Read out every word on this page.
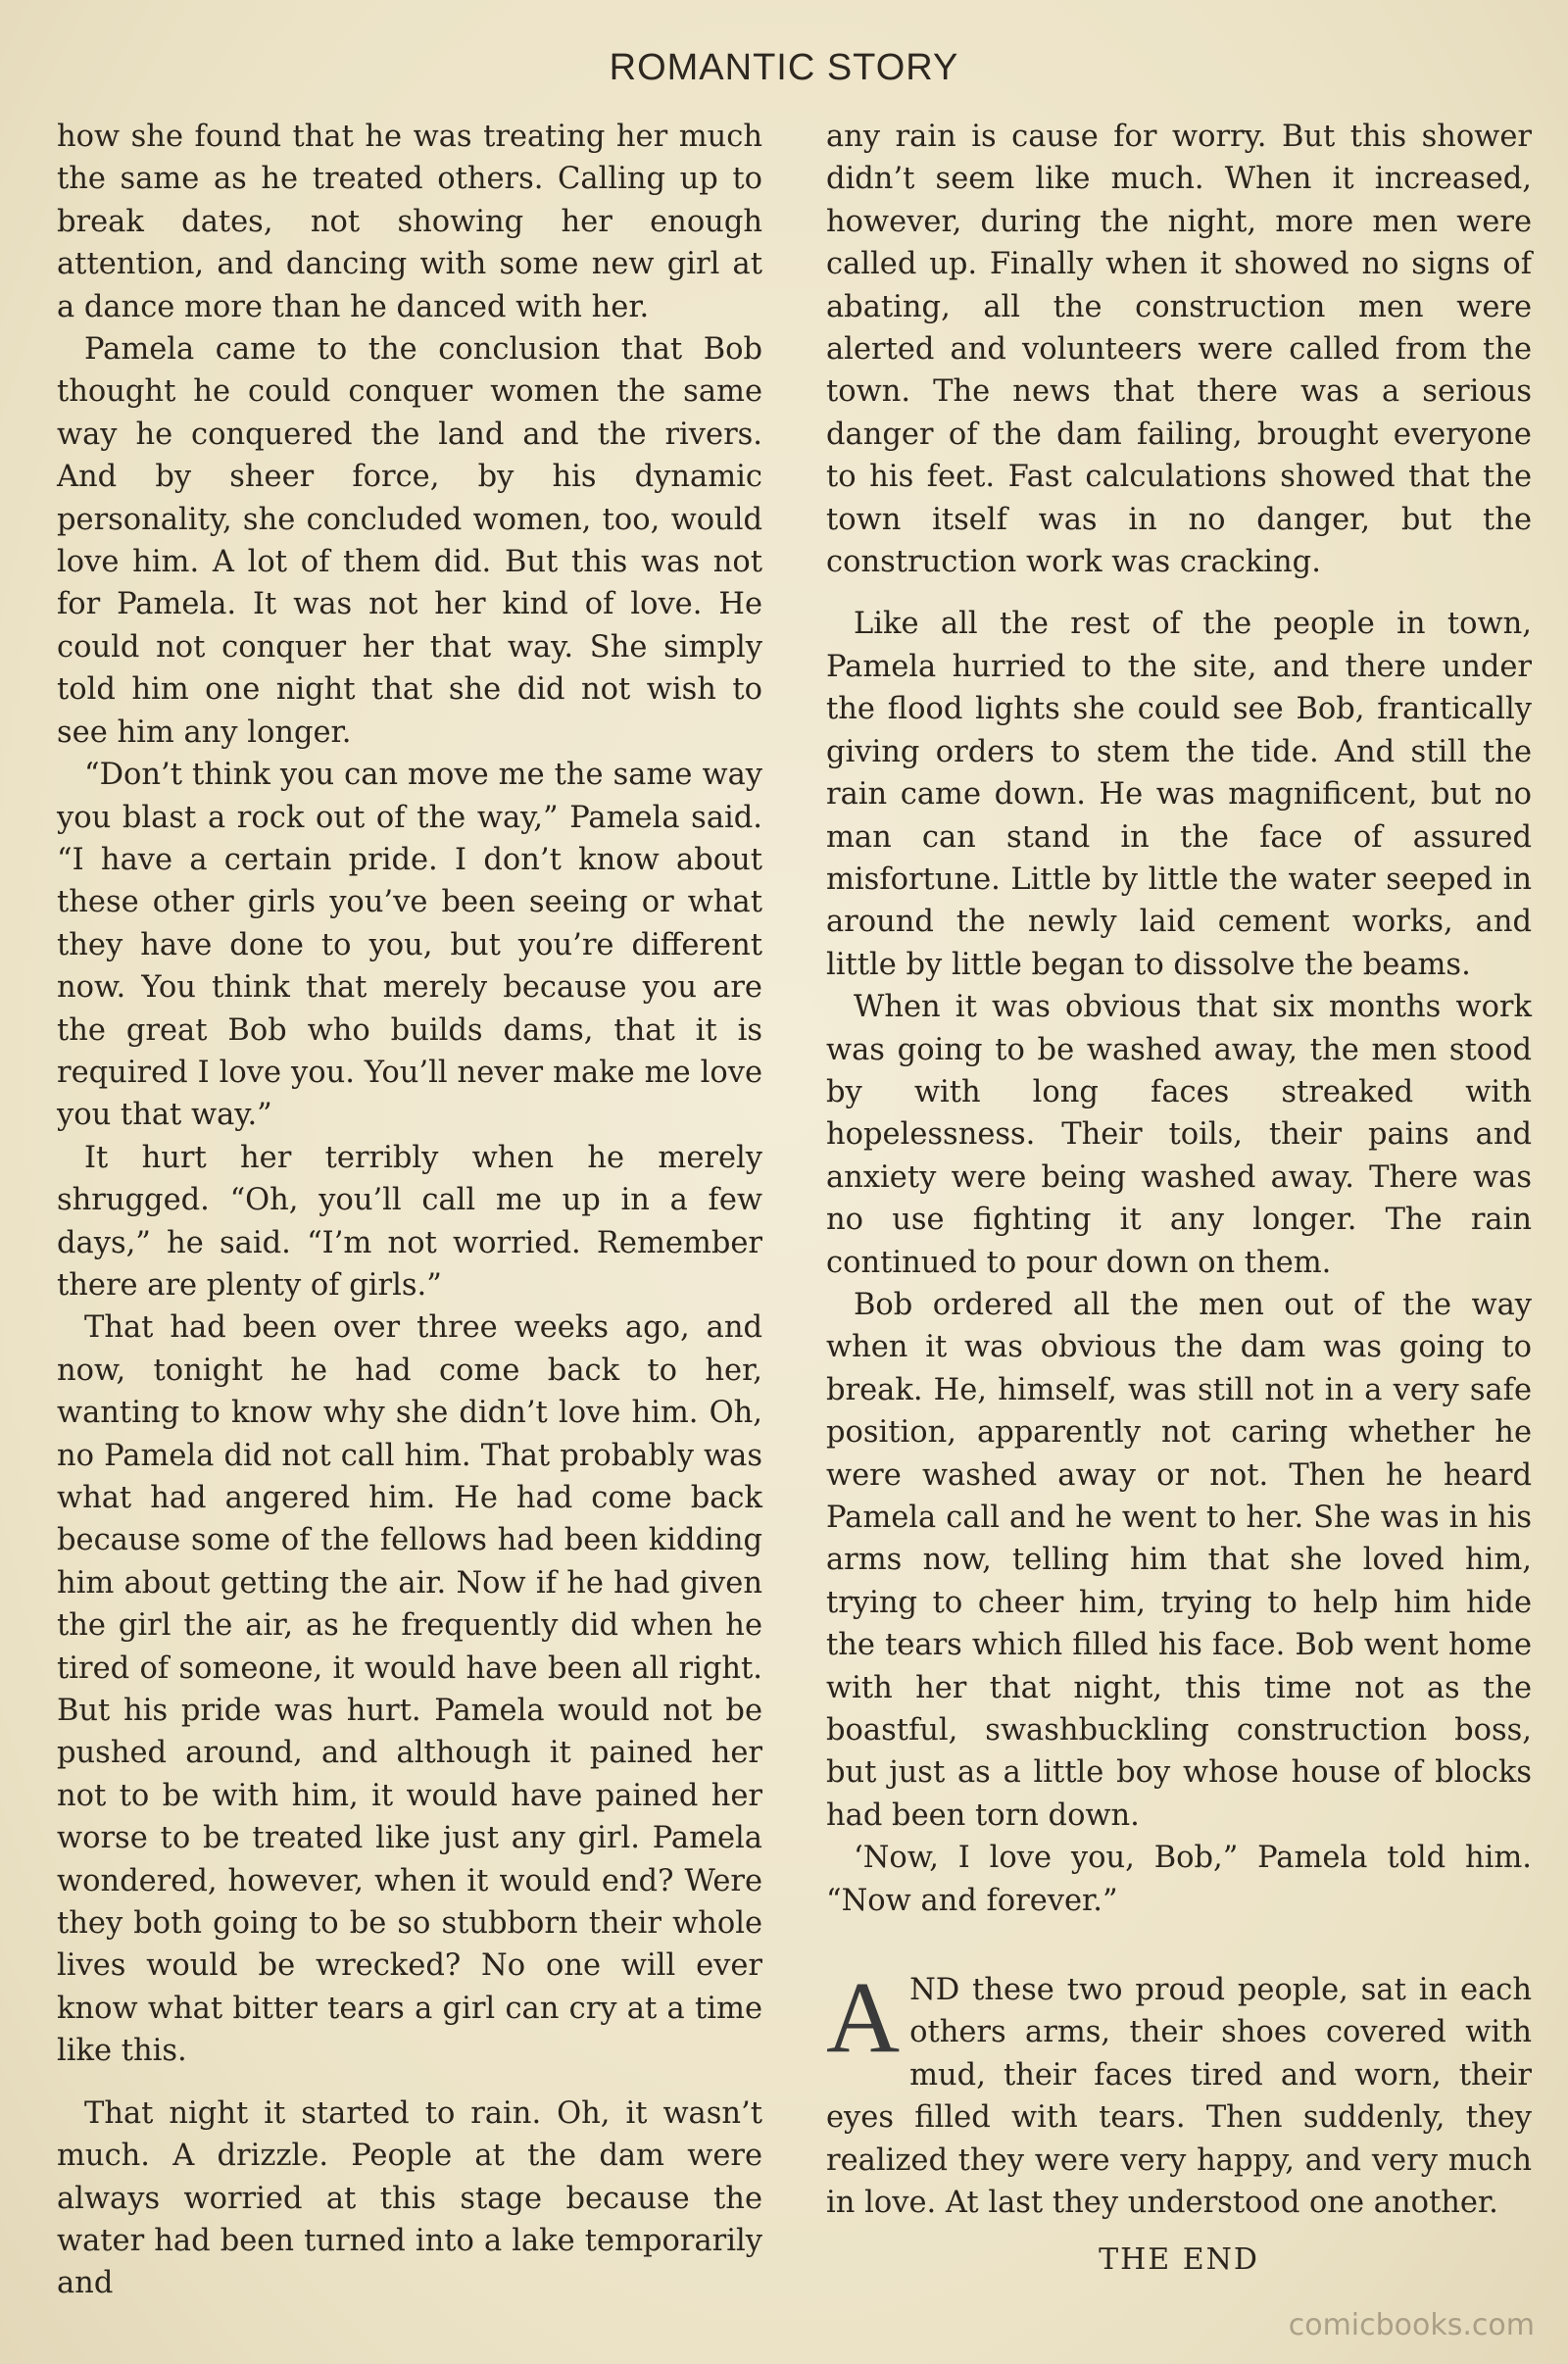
ROMANTIC STORY

how she found that he was treating her much the same as he treated others. Calling up to break dates, not showing her enough attention, and dancing with some new girl at a dance more than he danced with her.

Pamela came to the conclusion that Bob thought he could conquer women the same way he conquered the land and the rivers. And by sheer force, by his dynamic personality, she concluded women, too, would love him. A lot of them did. But this was not for Pamela. It was not her kind of love. He could not conquer her that way. She simply told him one night that she did not wish to see him any longer.

“Don’t think you can move me the same way you blast a rock out of the way,” Pamela said. “I have a certain pride. I don’t know about these other girls you’ve been seeing or what they have done to you, but you’re different now. You think that merely because you are the great Bob who builds dams, that it is required I love you. You’ll never make me love you that way.”

It hurt her terribly when he merely shrugged. “Oh, you’ll call me up in a few days,” he said. “I’m not worried. Remember there are plenty of girls.”

That had been over three weeks ago, and now, tonight he had come back to her, wanting to know why she didn’t love him. Oh, no Pamela did not call him. That probably was what had angered him. He had come back because some of the fellows had been kidding him about getting the air. Now if he had given the girl the air, as he frequently did when he tired of someone, it would have been all right. But his pride was hurt. Pamela would not be pushed around, and although it pained her not to be with him, it would have pained her worse to be treated like just any girl. Pamela wondered, however, when it would end? Were they both going to be so stubborn their whole lives would be wrecked? No one will ever know what bitter tears a girl can cry at a time like this.

That night it started to rain. Oh, it wasn’t much. A drizzle. People at the dam were always worried at this stage because the water had been turned into a lake temporarily and

any rain is cause for worry. But this shower didn’t seem like much. When it increased, however, during the night, more men were called up. Finally when it showed no signs of abating, all the construction men were alerted and volunteers were called from the town. The news that there was a serious danger of the dam failing, brought everyone to his feet. Fast calculations showed that the town itself was in no danger, but the construction work was cracking.

Like all the rest of the people in town, Pamela hurried to the site, and there under the flood lights she could see Bob, frantically giving orders to stem the tide. And still the rain came down. He was magnificent, but no man can stand in the face of assured misfortune. Little by little the water seeped in around the newly laid cement works, and little by little began to dissolve the beams.

When it was obvious that six months work was going to be washed away, the men stood by with long faces streaked with hopelessness. Their toils, their pains and anxiety were being washed away. There was no use fighting it any longer. The rain continued to pour down on them.

Bob ordered all the men out of the way when it was obvious the dam was going to break. He, himself, was still not in a very safe position, apparently not caring whether he were washed away or not. Then he heard Pamela call and he went to her. She was in his arms now, telling him that she loved him, trying to cheer him, trying to help him hide the tears which filled his face. Bob went home with her that night, this time not as the boastful, swashbuckling construction boss, but just as a little boy whose house of blocks had been torn down.

‘Now, I love you, Bob,” Pamela told him. “Now and forever.”

AND these two proud people, sat in each others arms, their shoes covered with mud, their faces tired and worn, their eyes filled with tears. Then suddenly, they realized they were very happy, and very much in love. At last they understood one another.

THE END
comicbooks.com
